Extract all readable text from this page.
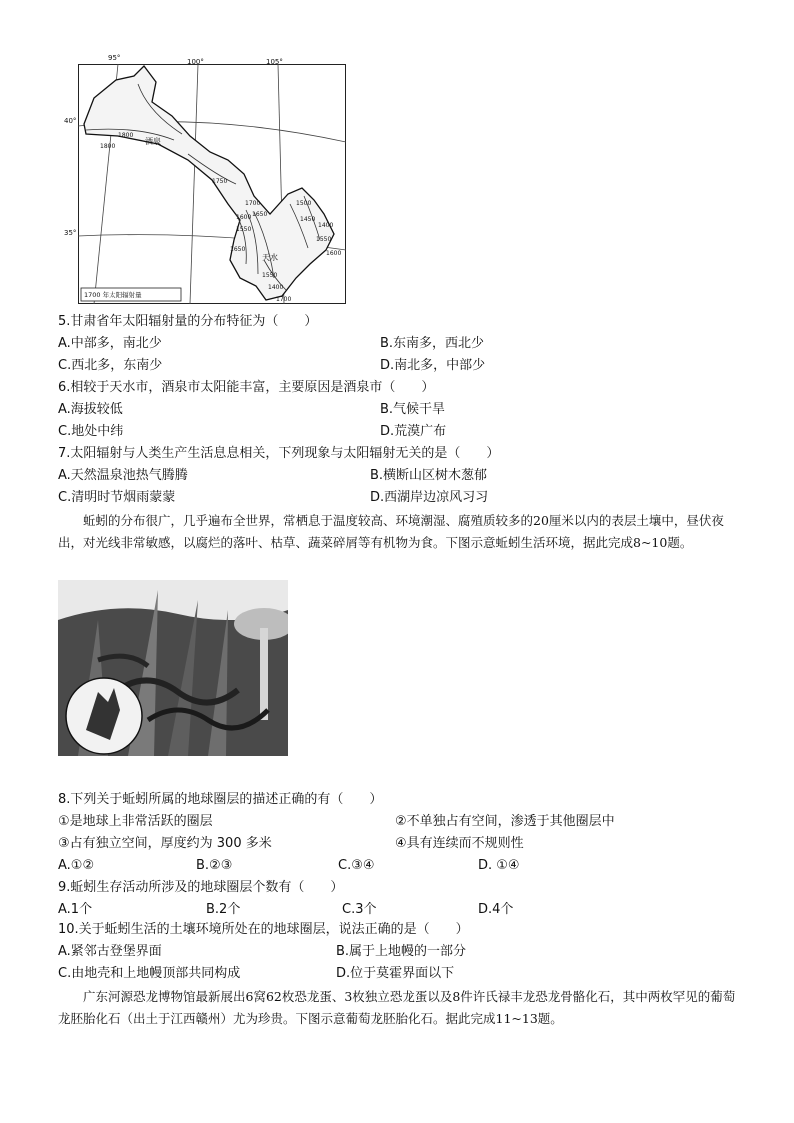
95°	100°	105°
40°
35°
酒泉
天水
1800
1800
1750
1700
1650
1600
1550
1500
1450
1400
1550
1600
1650
1550
1400
1700
1700 年太阳辐射量
5.甘肃省年太阳辐射量的分布特征为（　　）
A.中部多，南北少	B.东南多，西北少
C.西北多，东南少	D.南北多，中部少
6.相较于天水市，酒泉市太阳能丰富，主要原因是酒泉市（　　）
A.海拔较低	B.气候干旱
C.地处中纬	D.荒漠广布
7.太阳辐射与人类生产生活息息相关，下列现象与太阳辐射无关的是（　　）
A.天然温泉池热气腾腾	B.横断山区树木葱郁
C.清明时节烟雨蒙蒙	D.西湖岸边凉风习习
蚯蚓的分布很广，几乎遍布全世界，常栖息于温度较高、环境潮湿、腐殖质较多的20厘米以内的表层土壤中，昼伏夜出，对光线非常敏感，以腐烂的落叶、枯草、蔬菜碎屑等有机物为食。下图示意蚯蚓生活环境，据此完成8~10题。
8.下列关于蚯蚓所属的地球圈层的描述正确的有（　　）
①是地球上非常活跃的圈层	②不单独占有空间，渗透于其他圈层中
③占有独立空间，厚度约为 300 多米	④具有连续而不规则性
A.①②	B.②③	C.③④	D. ①④
9.蚯蚓生存活动所涉及的地球圈层个数有（　　）
A.1个	B.2个	C.3个	D.4个
10.关于蚯蚓生活的土壤环境所处在的地球圈层，说法正确的是（　　）
A.紧邻古登堡界面	B.属于上地幔的一部分
C.由地壳和上地幔顶部共同构成	D.位于莫霍界面以下
广东河源恐龙博物馆最新展出6窝62枚恐龙蛋、3枚独立恐龙蛋以及8件许氏禄丰龙恐龙骨骼化石，其中两枚罕见的葡萄龙胚胎化石（出土于江西赣州）尤为珍贵。下图示意葡萄龙胚胎化石。据此完成11~13题。
